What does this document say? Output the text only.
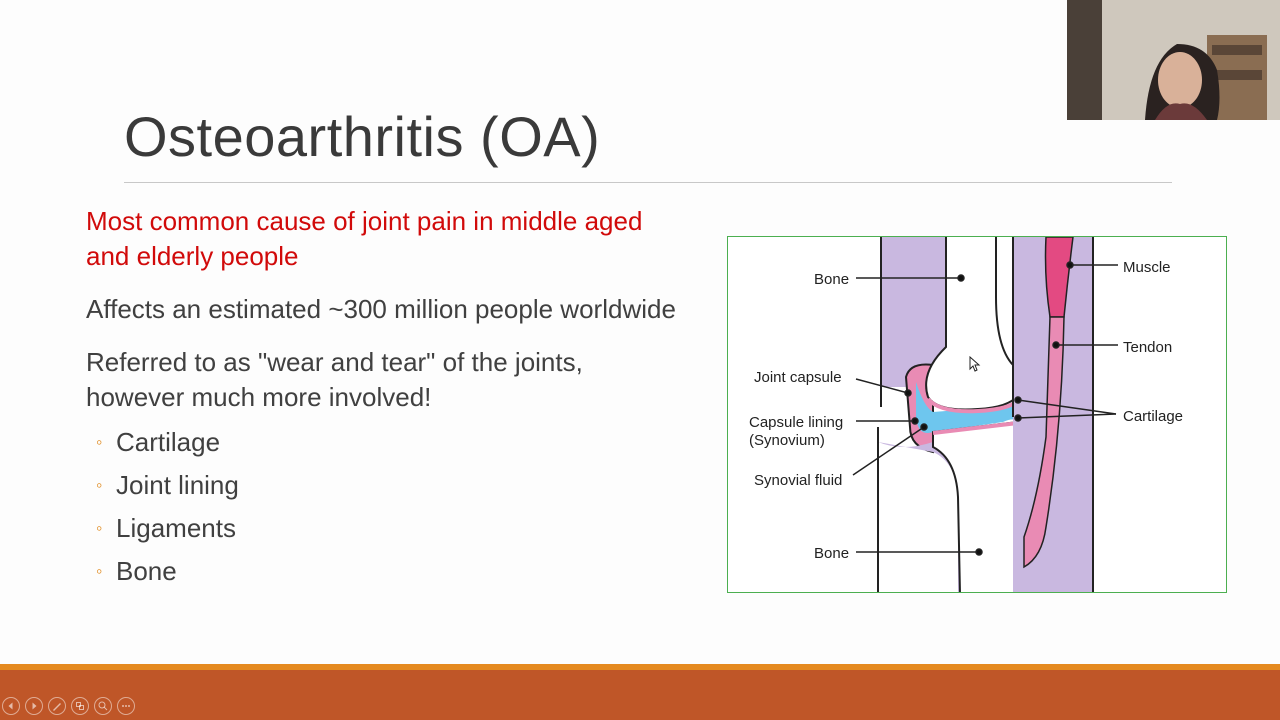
Osteoarthritis (OA)

Most common cause of joint pain in middle aged and elderly people

Affects an estimated ~300 million people worldwide

Referred to as "wear and tear" of the joints, however much more involved!

◦ Cartilage
◦ Joint lining
◦ Ligaments
◦ Bone
Bone
Muscle
Tendon
Joint capsule
Capsule lining
(Synovium)
Cartilage
Synovial fluid
Bone
